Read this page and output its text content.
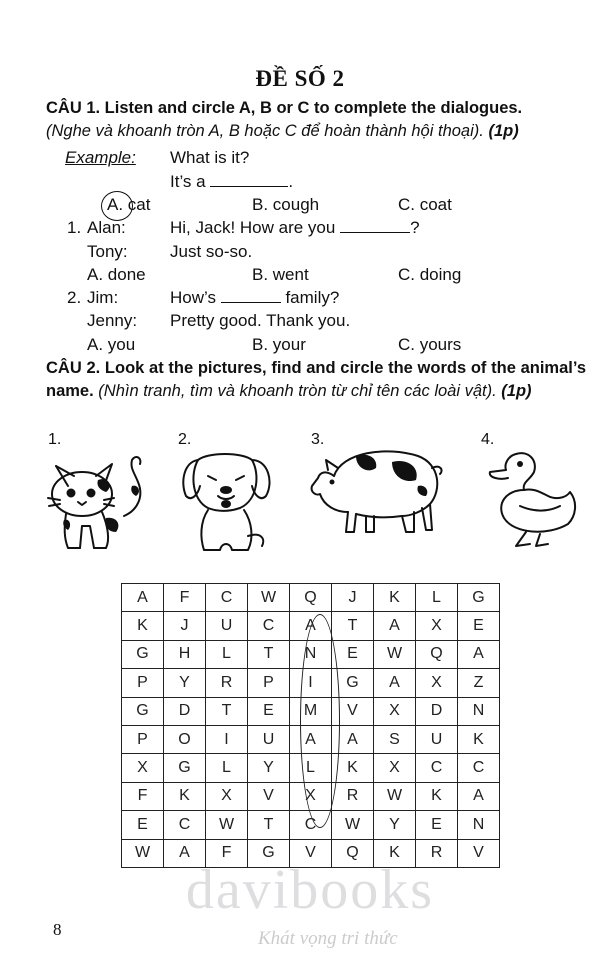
ĐỀ SỐ 2
CÂU 1. Listen and circle A, B or C to complete the dialogues.
(Nghe và khoanh tròn A, B hoặc C để hoàn thành hội thoại). (1p)
Example: What is it?
It’s a	.
A. cat	B. cough	C. coat
1. Alan:	Hi, Jack! How are you	?
Tony: Just so-so.
A. done	B. went	C. doing
2. Jim:	How’s	family?
Jenny: Pretty good. Thank you.
A. you	B. your	C. yours
CÂU 2. Look at the pictures, find and circle the words of the animal’s name. (Nhìn tranh, tìm và khoanh tròn từ chỉ tên các loài vật). (1p)
1.	2.	3.	4.
A	F	C	W	Q	J	K	L	G
K	J	U	C	A	T	A	X	E
G	H	L	T	N	E	W	Q	A
P	Y	R	P	I	G	A	X	Z
G	D	T	E	M	V	X	D	N
P	O	I	U	A	A	S	U	K
X	G	L	Y	L	K	X	C	C
F	K	X	V	X	R	W	K	A
E	C	W	T	C	W	Y	E	N
W	A	F	G	V	Q	K	R	V
8
davibooks
Khát vọng tri thức
